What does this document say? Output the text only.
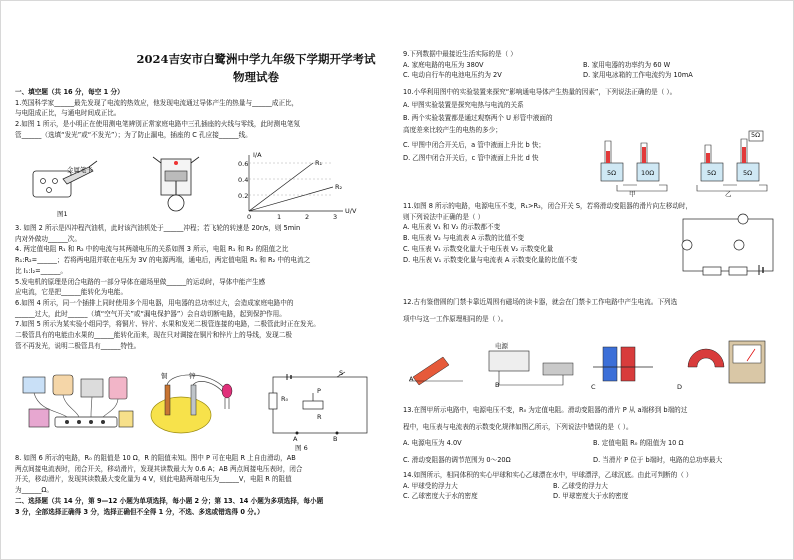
2024吉安市白鹭洲中学九年级下学期开学考试
物理试卷

一、填空题（共 16 分，每空 1 分）

1.英国科学家______最先发现了电流的热效应，他发现电流通过导体产生的热量与______成正比，

与电阻成正比，与通电时间成正比。

2.如图 1 所示，是小明正在使用测电笔辨别正常家庭电路中三孔插座的火线与零线，此时测电笔氖

管______（选填“发光”或“不发光”）；为了防止漏电，插座的 C 孔应接______线。

金属笔卡
图1
I/A
U/V
R₁
R₂
0.6
0.4
0.2
0	1	2	3

3. 如图 2 所示是四冲程汽油机，此时该汽油机处于______冲程；若飞轮的转速是 20r/s，则 5min

内对外做功______次。

4. 两定值电阻 R₁ 和 R₂ 中的电流与其两端电压的关系如图 3 所示，电阻 R₁ 和 R₂ 的阻值之比

R₁:R₂=______；若将两电阻并联在电压为 3V 的电源两端，通电后，两定值电阻 R₁ 和 R₂ 中的电流之

比 I₁:I₂=______。

5.发电机的原理是闭合电路的一部分导体在磁场里做______的运动时，导体中能产生感

应电流，它是把______能转化为电能。

6.如图 4 所示，同一个插排上同时使用多个用电器，用电器的总功率过大，会造成家庭电路中的

______过大，此时______（填“空气开关”或“漏电保护器”）会自动切断电路，起到保护作用。

7.如图 5 所示为某实验小组同学，将铜片、锌片、水果和发光二极管连接的电路，二极管此时正在发光。

二极管具有的电能由水果的______能转化而来，现在只对调接在铜片和锌片上的导线，发现二极

管不再发光，说明二极管具有______特性。

铜	锌
R₀
R
P
A	B
S
图 6

8. 如图 6 所示的电路，R₀ 的阻值是 10 Ω，R 的阻值未知。图中 P 可在电阻 R 上自由滑动，AB

两点间接电流表时，闭合开关，移动滑片，发现其读数最大为 0.6 A；AB 两点间接电压表时，闭合

开关，移动滑片，发现其读数最大变化量为 4 V，则此电路两端电压为______V，电阻 R 的阻值

为______Ω。

二、选择题（共 14 分，第 9—12 小题为单项选择，每小题 2 分；第 13、14 小题为多项选择，每小题

3 分，全部选择正确得 3 分，选择正确但不全得 1 分，不选、多选或错选得 0 分。）

9.下列数据中最接近生活实际的是（ ）

A. 家庭电路的电压为 380V	B. 家用电器的功率约为 60 W

C. 电动自行车的电池电压约为 2V	D. 家用电冰箱的工作电流约为 10mA

10.小华利用图中的实验装置来探究“影响通电导体产生热量的因素”，下列说法正确的是（ ）。

A. 甲图实验装置是探究电热与电流的关系

B. 两个实验装置都是通过观察两个 U 形管中液面的

高度差来比较产生的电热的多少；

C. 甲图中闭合开关后，a 管中液面上升比 b 快；

D. 乙图中闭合开关后，c 管中液面上升比 d 快

5Ω	10Ω	5Ω	5Ω
5Ω
甲	乙

11.如图 8 所示的电路，电源电压不变，R₁>R₂，闭合开关 S，若将滑动变阻器的滑片向左移动时，

则下列说法中正确的是（ ）

A. 电压表 V₁ 和 V₂ 的示数都不变

B. 电压表 V₂ 与电流表 A 示数的比值不变

C. 电压表 V₁ 示数变化量大于电压表 V₂ 示数变化量

D. 电压表 V₁ 示数变化量与电流表 A 示数变化量的比值不变

12.古有鉴借圆的门禁卡靠近周围有磁场的读卡器，就会在门禁卡工作电路中产生电流。下列选

项中与这一工作原理相同的是（ ）。

A
B	C	D
电源

13.在图甲所示电路中，电源电压不变，R₀ 为定值电阻。滑动变阻器的滑片 P 从 a端移到 b端的过

程中，电压表与电流表的示数变化规律如图乙所示，下列说法中错误的是（ ）。

A. 电源电压为 4.0V	B. 定值电阻 R₀ 的阻值为 10 Ω

C. 滑动变阻器的调节范围为 0～20Ω	D. 当滑片 P 位于 b端时，电路的总功率最大

14.如图所示，相同体积的实心甲球和实心乙球漂在水中，甲球漂浮，乙球沉底。由此可判断的（ ）

A. 甲球受的浮力大	B. 乙球受的浮力大

C. 乙球密度大于水的密度	D. 甲球密度大于水的密度
